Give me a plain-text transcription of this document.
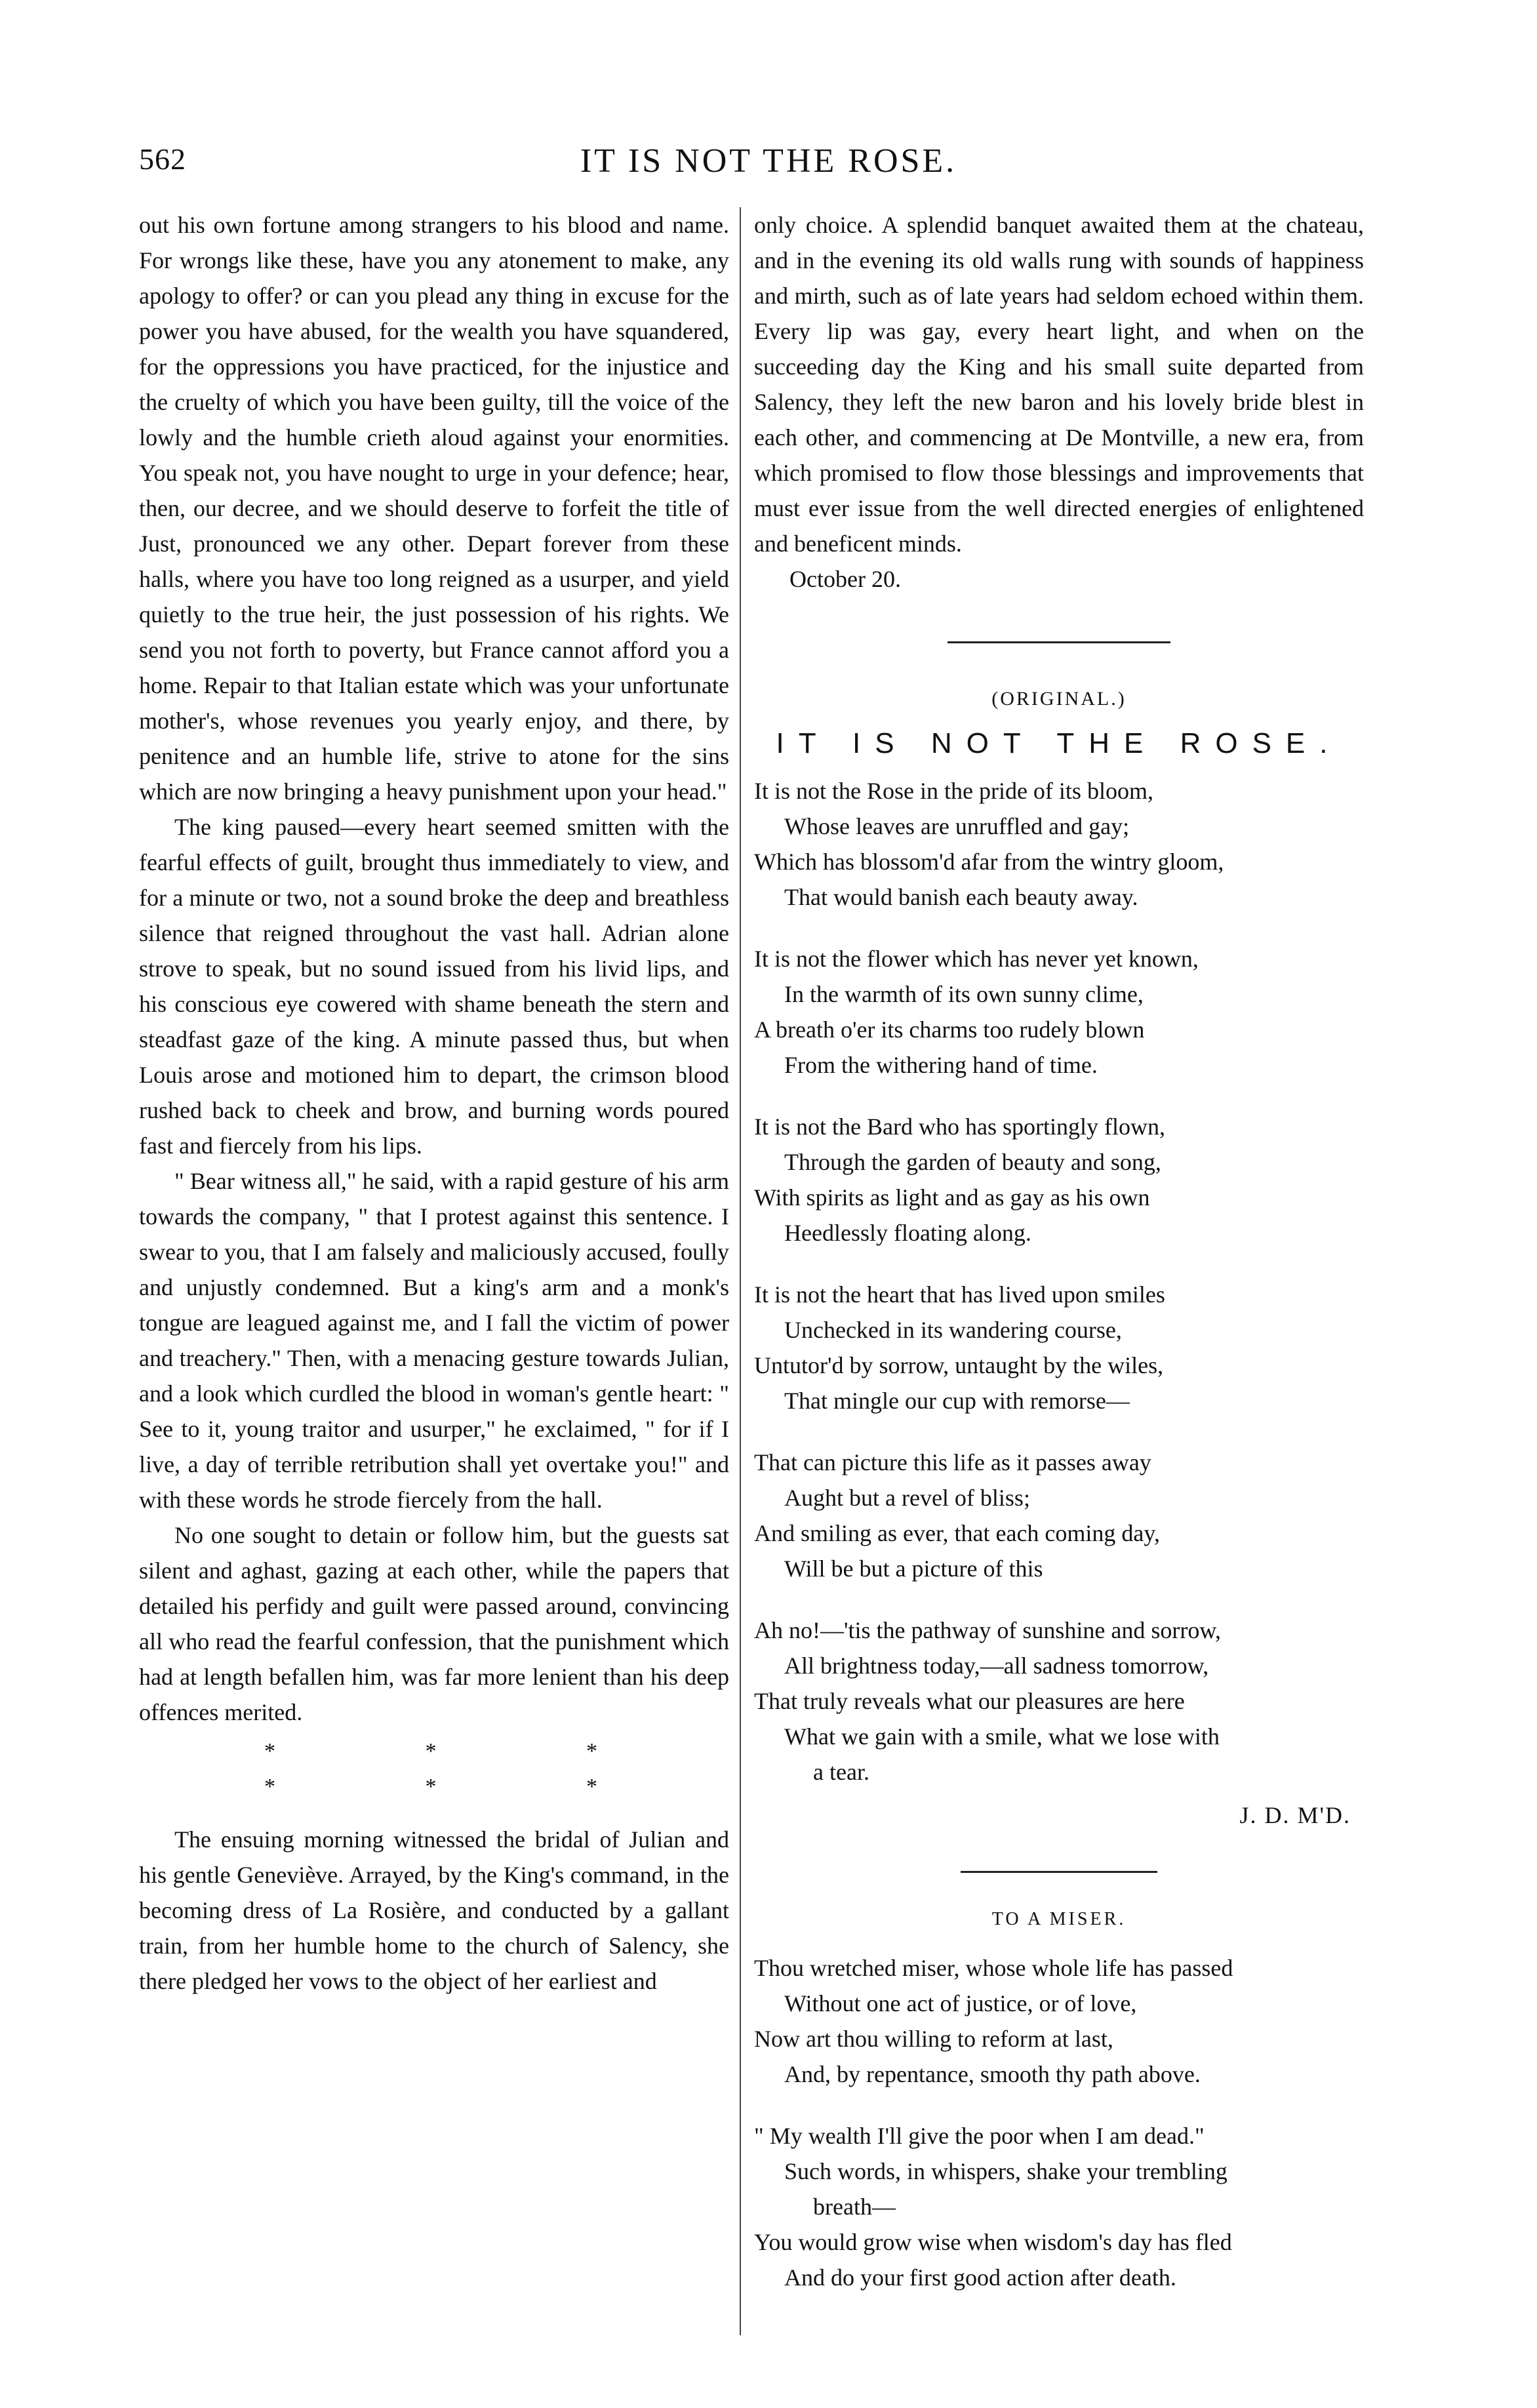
562	IT IS NOT THE ROSE.

out his own fortune among strangers to his blood and name. For wrongs like these, have you any atonement to make, any apology to offer? or can you plead any thing in excuse for the power you have abused, for the wealth you have squandered, for the oppressions you have practiced, for the injustice and the cruelty of which you have been guilty, till the voice of the lowly and the humble crieth aloud against your enormities. You speak not, you have nought to urge in your defence; hear, then, our decree, and we should deserve to forfeit the title of Just, pronounced we any other. Depart forever from these halls, where you have too long reigned as a usurper, and yield quietly to the true heir, the just possession of his rights. We send you not forth to poverty, but France cannot afford you a home. Repair to that Italian estate which was your unfortunate mother's, whose revenues you yearly enjoy, and there, by penitence and an humble life, strive to atone for the sins which are now bringing a heavy punishment upon your head."

The king paused—every heart seemed smitten with the fearful effects of guilt, brought thus immediately to view, and for a minute or two, not a sound broke the deep and breathless silence that reigned throughout the vast hall. Adrian alone strove to speak, but no sound issued from his livid lips, and his conscious eye cowered with shame beneath the stern and steadfast gaze of the king. A minute passed thus, but when Louis arose and motioned him to depart, the crimson blood rushed back to cheek and brow, and burning words poured fast and fiercely from his lips.

" Bear witness all," he said, with a rapid gesture of his arm towards the company, " that I protest against this sentence. I swear to you, that I am falsely and maliciously accused, foully and unjustly condemned. But a king's arm and a monk's tongue are leagued against me, and I fall the victim of power and treachery." Then, with a menacing gesture towards Julian, and a look which curdled the blood in woman's gentle heart: " See to it, young traitor and usurper," he exclaimed, " for if I live, a day of terrible retribution shall yet overtake you!" and with these words he strode fiercely from the hall.

No one sought to detain or follow him, but the guests sat silent and aghast, gazing at each other, while the papers that detailed his perfidy and guilt were passed around, convincing all who read the fearful confession, that the punishment which had at length befallen him, was far more lenient than his deep offences merited.

* * * * * *

The ensuing morning witnessed the bridal of Julian and his gentle Geneviève. Arrayed, by the King's command, in the becoming dress of La Rosière, and conducted by a gallant train, from her humble home to the church of Salency, she there pledged her vows to the object of her earliest and

only choice. A splendid banquet awaited them at the chateau, and in the evening its old walls rung with sounds of happiness and mirth, such as of late years had seldom echoed within them. Every lip was gay, every heart light, and when on the succeeding day the King and his small suite departed from Salency, they left the new baron and his lovely bride blest in each other, and commencing at De Montville, a new era, from which promised to flow those blessings and improvements that must ever issue from the well directed energies of enlightened and beneficent minds.

October 20.

(ORIGINAL.)
IT IS NOT THE ROSE.
It is not the Rose in the pride of its bloom,
Whose leaves are unruffled and gay;
Which has blossom'd afar from the wintry gloom,
That would banish each beauty away.
It is not the flower which has never yet known,
In the warmth of its own sunny clime,
A breath o'er its charms too rudely blown
From the withering hand of time.
It is not the Bard who has sportingly flown,
Through the garden of beauty and song,
With spirits as light and as gay as his own
Heedlessly floating along.
It is not the heart that has lived upon smiles
Unchecked in its wandering course,
Untutor'd by sorrow, untaught by the wiles,
That mingle our cup with remorse—
That can picture this life as it passes away
Aught but a revel of bliss;
And smiling as ever, that each coming day,
Will be but a picture of this
Ah no!—'tis the pathway of sunshine and sorrow,
All brightness today,—all sadness tomorrow,
That truly reveals what our pleasures are here
What we gain with a smile, what we lose with
a tear.
J. D. M'D.
TO A MISER.
Thou wretched miser, whose whole life has passed
Without one act of justice, or of love,
Now art thou willing to reform at last,
And, by repentance, smooth thy path above.
" My wealth I'll give the poor when I am dead."
Such words, in whispers, shake your trembling
breath—
You would grow wise when wisdom's day has fled
And do your first good action after death.
